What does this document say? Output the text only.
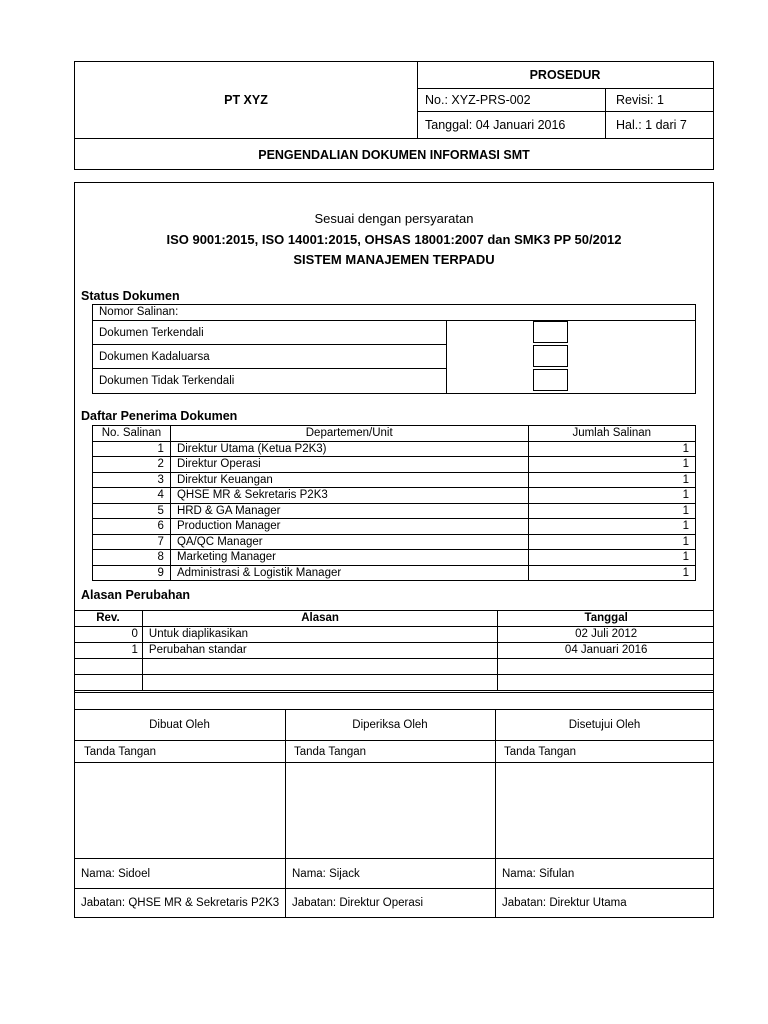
PT XYZ
PROSEDUR
No.: XYZ-PRS-002	Revisi: 1
Tanggal: 04 Januari 2016	Hal.: 1 dari 7
PENGENDALIAN DOKUMEN INFORMASI SMT
Sesuai dengan persyaratan
ISO 9001:2015, ISO 14001:2015, OHSAS 18001:2007 dan SMK3 PP 50/2012
SISTEM MANAJEMEN TERPADU
Status Dokumen
Nomor Salinan:
Dokumen Terkendali
Dokumen Kadaluarsa
Dokumen Tidak Terkendali
Daftar Penerima Dokumen
No. Salinan	Departemen/Unit	Jumlah Salinan
1	Direktur Utama (Ketua P2K3)	1
2	Direktur Operasi	1
3	Direktur Keuangan	1
4	QHSE MR & Sekretaris P2K3	1
5	HRD & GA Manager	1
6	Production Manager	1
7	QA/QC Manager	1
8	Marketing Manager	1
9	Administrasi & Logistik Manager	1
Alasan Perubahan
Rev.	Alasan	Tanggal
0	Untuk diaplikasikan	02 Juli 2012
1	Perubahan standar	04 Januari 2016

Dibuat Oleh	Diperiksa Oleh	Disetujui Oleh
Tanda Tangan	Tanda Tangan	Tanda Tangan
Nama: Sidoel	Nama: Sijack	Nama: Sifulan
Jabatan: QHSE MR & Sekretaris P2K3	Jabatan: Direktur Operasi	Jabatan: Direktur Utama
